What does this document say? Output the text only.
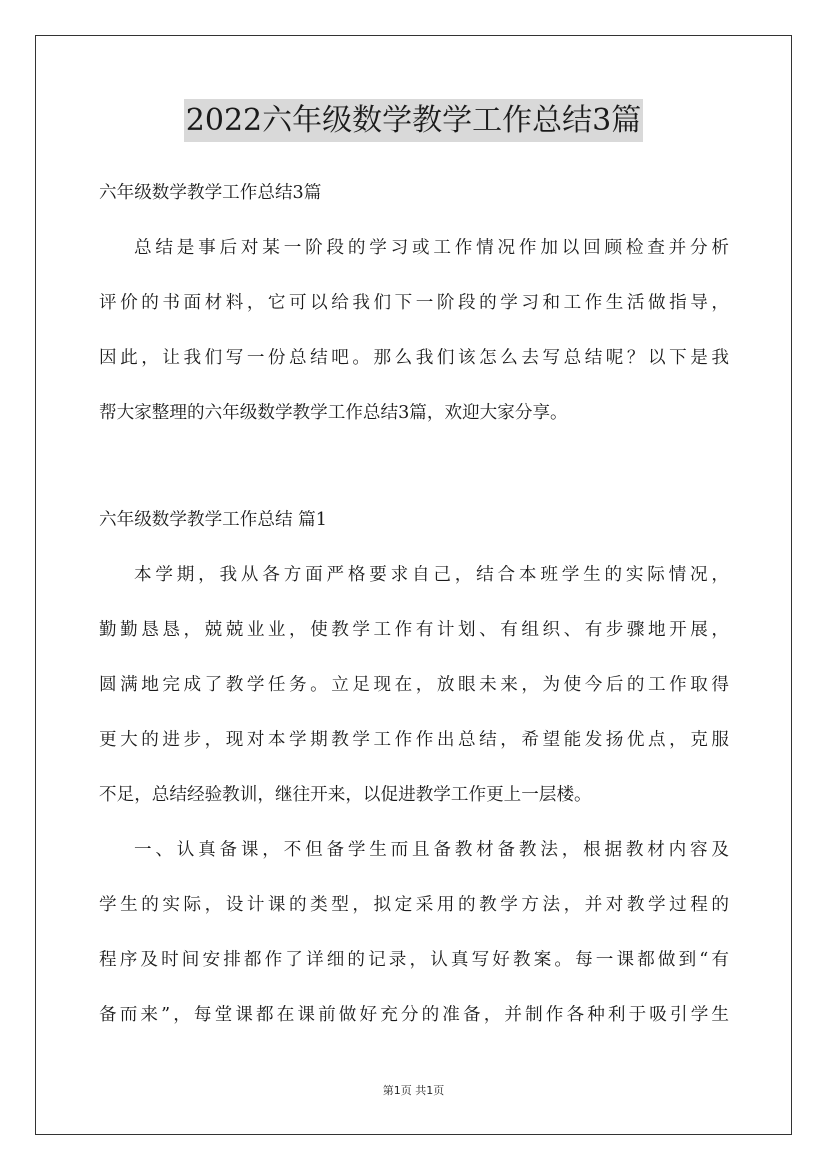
2022六年级数学教学工作总结3篇
六年级数学教学工作总结3篇
总结是事后对某一阶段的学习或工作情况作加以回顾检查并分析
评价的书面材料，它可以给我们下一阶段的学习和工作生活做指导，
因此，让我们写一份总结吧。那么我们该怎么去写总结呢？以下是我
帮大家整理的六年级数学教学工作总结3篇，欢迎大家分享。
六年级数学教学工作总结 篇1
本学期，我从各方面严格要求自己，结合本班学生的实际情况，
勤勤恳恳，兢兢业业，使教学工作有计划、有组织、有步骤地开展，
圆满地完成了教学任务。立足现在，放眼未来，为使今后的工作取得
更大的进步，现对本学期教学工作作出总结，希望能发扬优点，克服
不足，总结经验教训，继往开来，以促进教学工作更上一层楼。
一、认真备课，不但备学生而且备教材备教法，根据教材内容及
学生的实际，设计课的类型，拟定采用的教学方法，并对教学过程的
程序及时间安排都作了详细的记录，认真写好教案。每一课都做到“有
备而来”，每堂课都在课前做好充分的准备，并制作各种利于吸引学生
第1页 共1页
